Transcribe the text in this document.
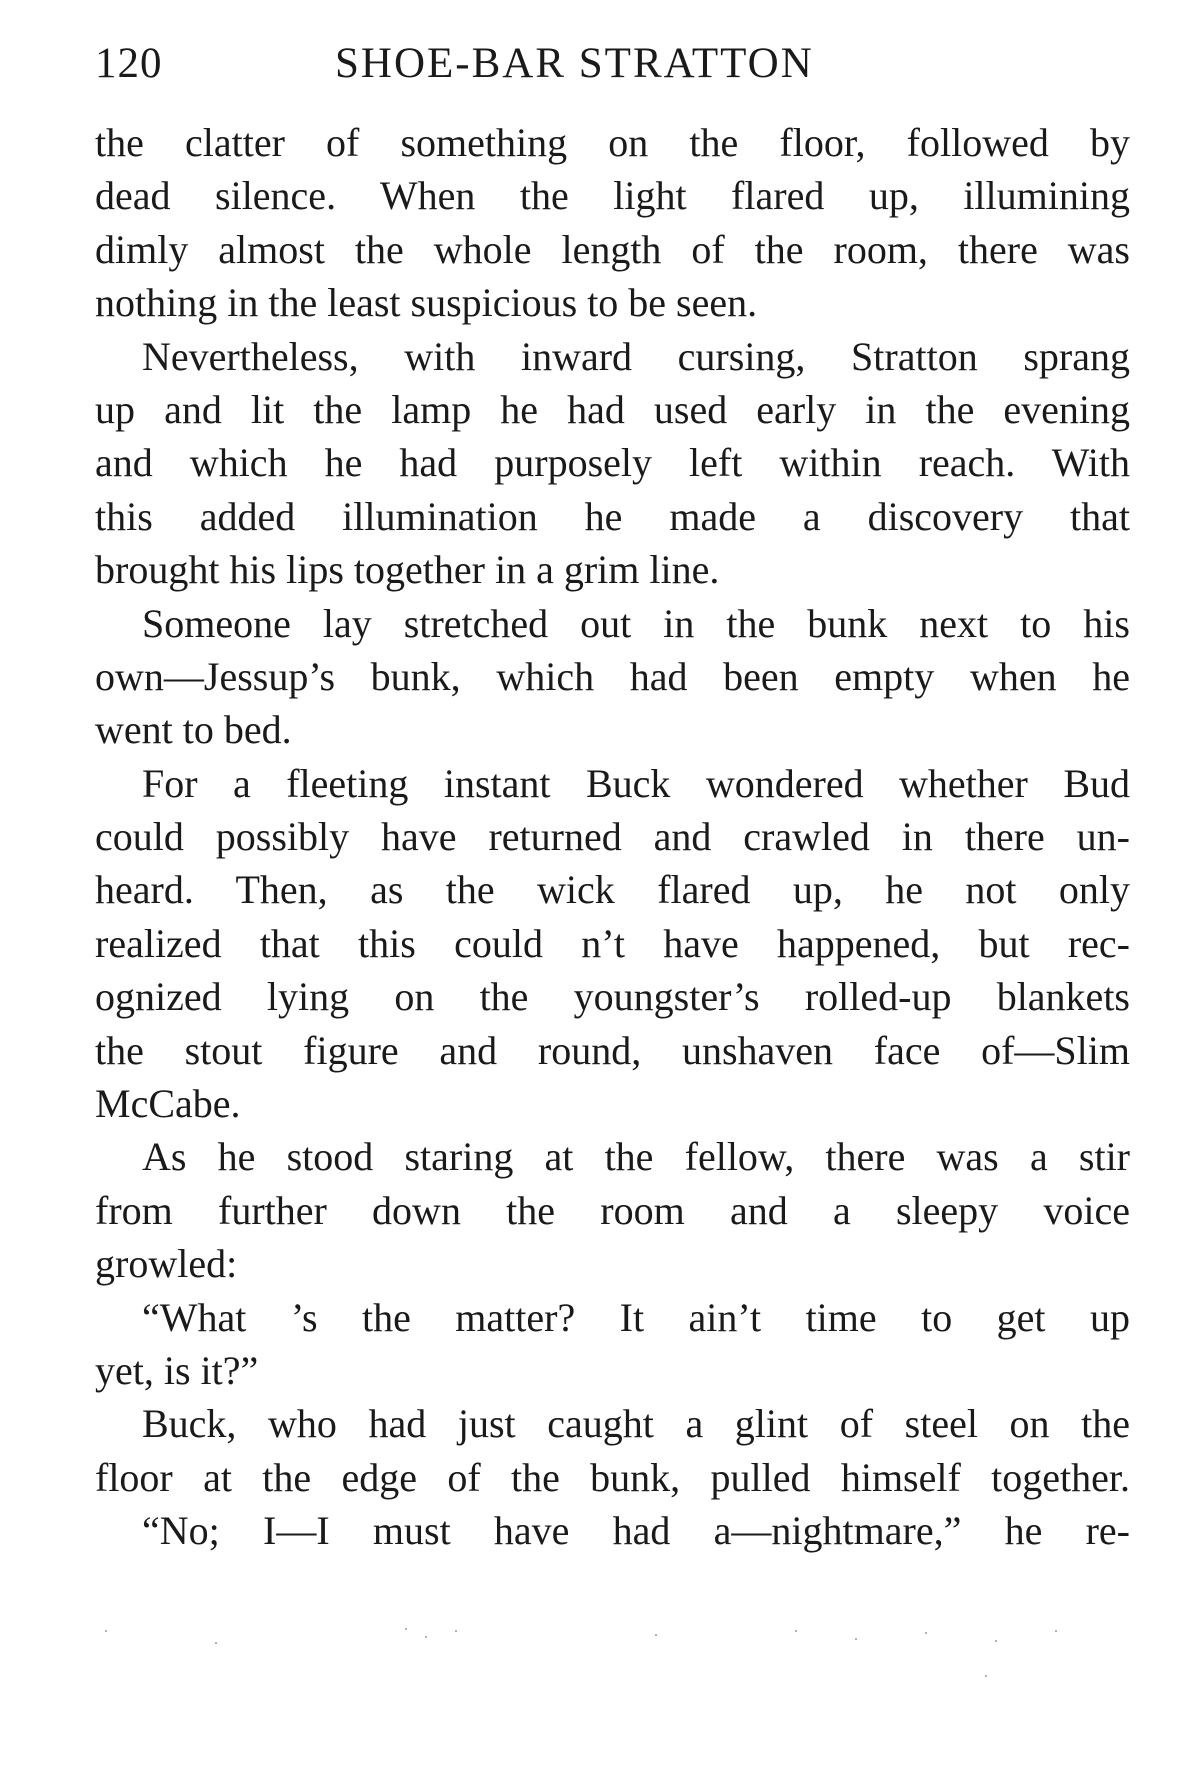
120	SHOE-BAR STRATTON
the clatter of something on the floor, followed by
dead silence. When the light flared up, illumining
dimly almost the whole length of the room, there was
nothing in the least suspicious to be seen.
Nevertheless, with inward cursing, Stratton sprang
up and lit the lamp he had used early in the evening
and which he had purposely left within reach. With
this added illumination he made a discovery that
brought his lips together in a grim line.
Someone lay stretched out in the bunk next to his
own—Jessup’s bunk, which had been empty when he
went to bed.
For a fleeting instant Buck wondered whether Bud
could possibly have returned and crawled in there un-
heard. Then, as the wick flared up, he not only
realized that this could n’t have happened, but rec-
ognized lying on the youngster’s rolled-up blankets
the stout figure and round, unshaven face of—Slim
McCabe.
As he stood staring at the fellow, there was a stir
from further down the room and a sleepy voice
growled:
“What ’s the matter? It ain’t time to get up
yet, is it?”
Buck, who had just caught a glint of steel on the
floor at the edge of the bunk, pulled himself together.
“No; I—I must have had a—nightmare,” he re-
